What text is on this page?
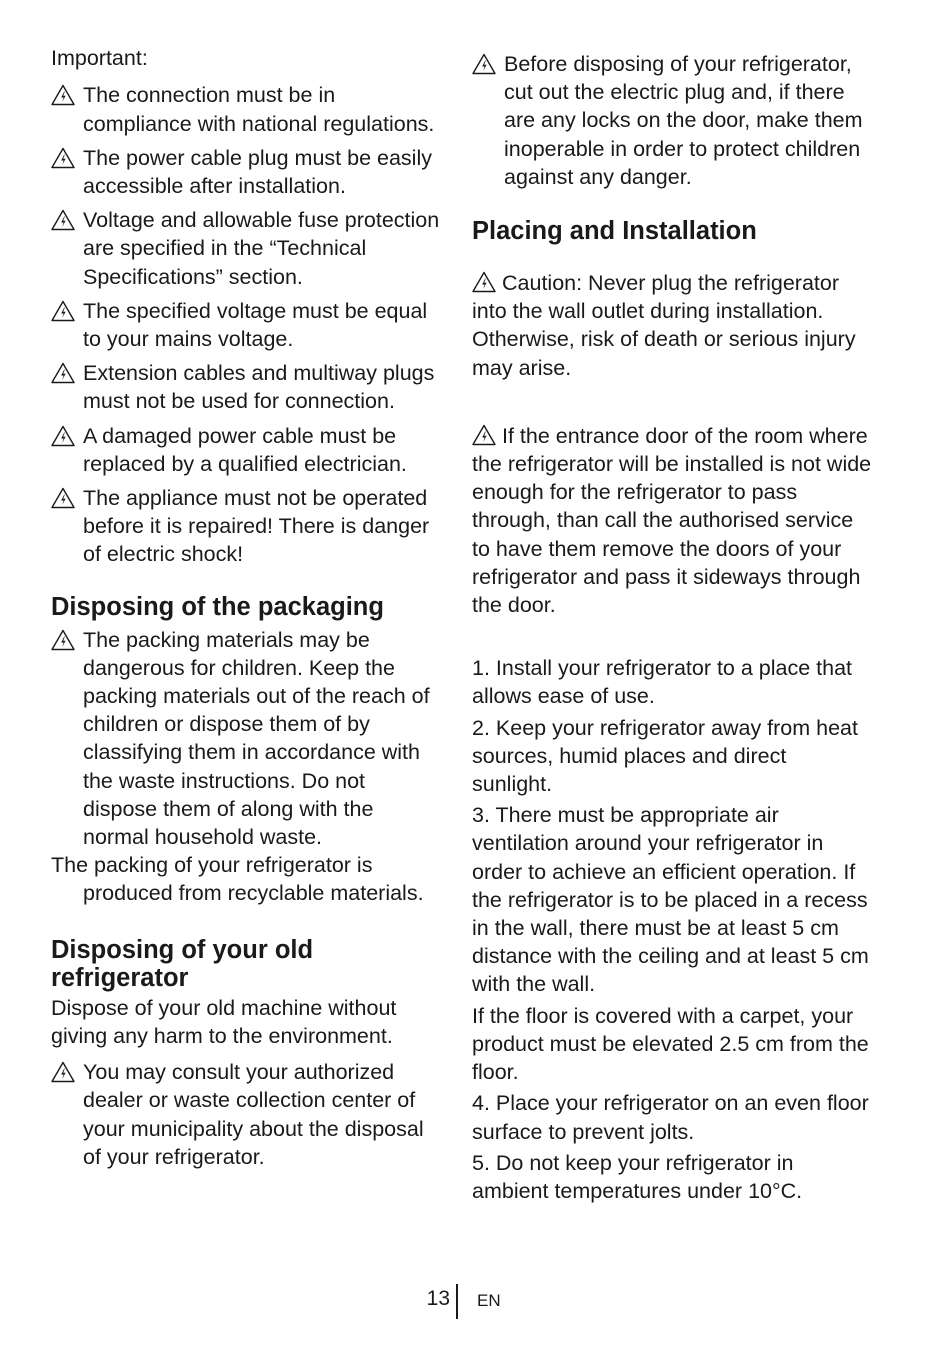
Important:

The connection must be in compliance with national regulations.
The power cable plug must be easily accessible after installation.
Voltage and allowable fuse protection are specified in the “Technical Specifications” section.
The specified voltage must be equal to your mains voltage.
Extension cables and multiway plugs must not be used for connection.
A damaged power cable must be replaced by a qualified electrician.
The appliance must not be operated before it is repaired! There is danger of electric shock!
Disposing of the packaging
The packing materials may be dangerous for children. Keep the packing materials out of the reach of children or dispose them of by classifying them in accordance with the waste instructions. Do not dispose them of along with the normal household waste.

The packing of your refrigerator is produced from recyclable materials.

Disposing of your old refrigerator

Dispose of your old machine without giving any harm to the environment.

You may consult your authorized dealer or waste collection center of your municipality about the disposal of your refrigerator.
Before disposing of your refrigerator, cut out the electric plug and, if there are any locks on the door, make them inoperable in order to protect children against any danger.
Placing and Installation

Caution: Never plug the refrigerator into the wall outlet during installation. Otherwise, risk of death or serious injury may arise.

If the entrance door of the room where the refrigerator will be installed is not wide enough for the refrigerator to pass through, than call the authorised service to have them remove the doors of your refrigerator and pass it sideways through the door.

1. Install your refrigerator to a place that allows ease of use.

2. Keep your refrigerator away from heat sources, humid places and direct sunlight.

3. There must be appropriate air ventilation around your refrigerator in order to achieve an efficient operation. If the refrigerator is to be placed in a recess in the wall, there must be at least 5 cm distance with the ceiling and at least 5 cm with the wall.

If the floor is covered with a carpet, your product must be elevated 2.5 cm from the floor.

4. Place your refrigerator on an even floor surface to prevent jolts.

5. Do not keep your refrigerator in ambient temperatures under 10°C.

13 EN
